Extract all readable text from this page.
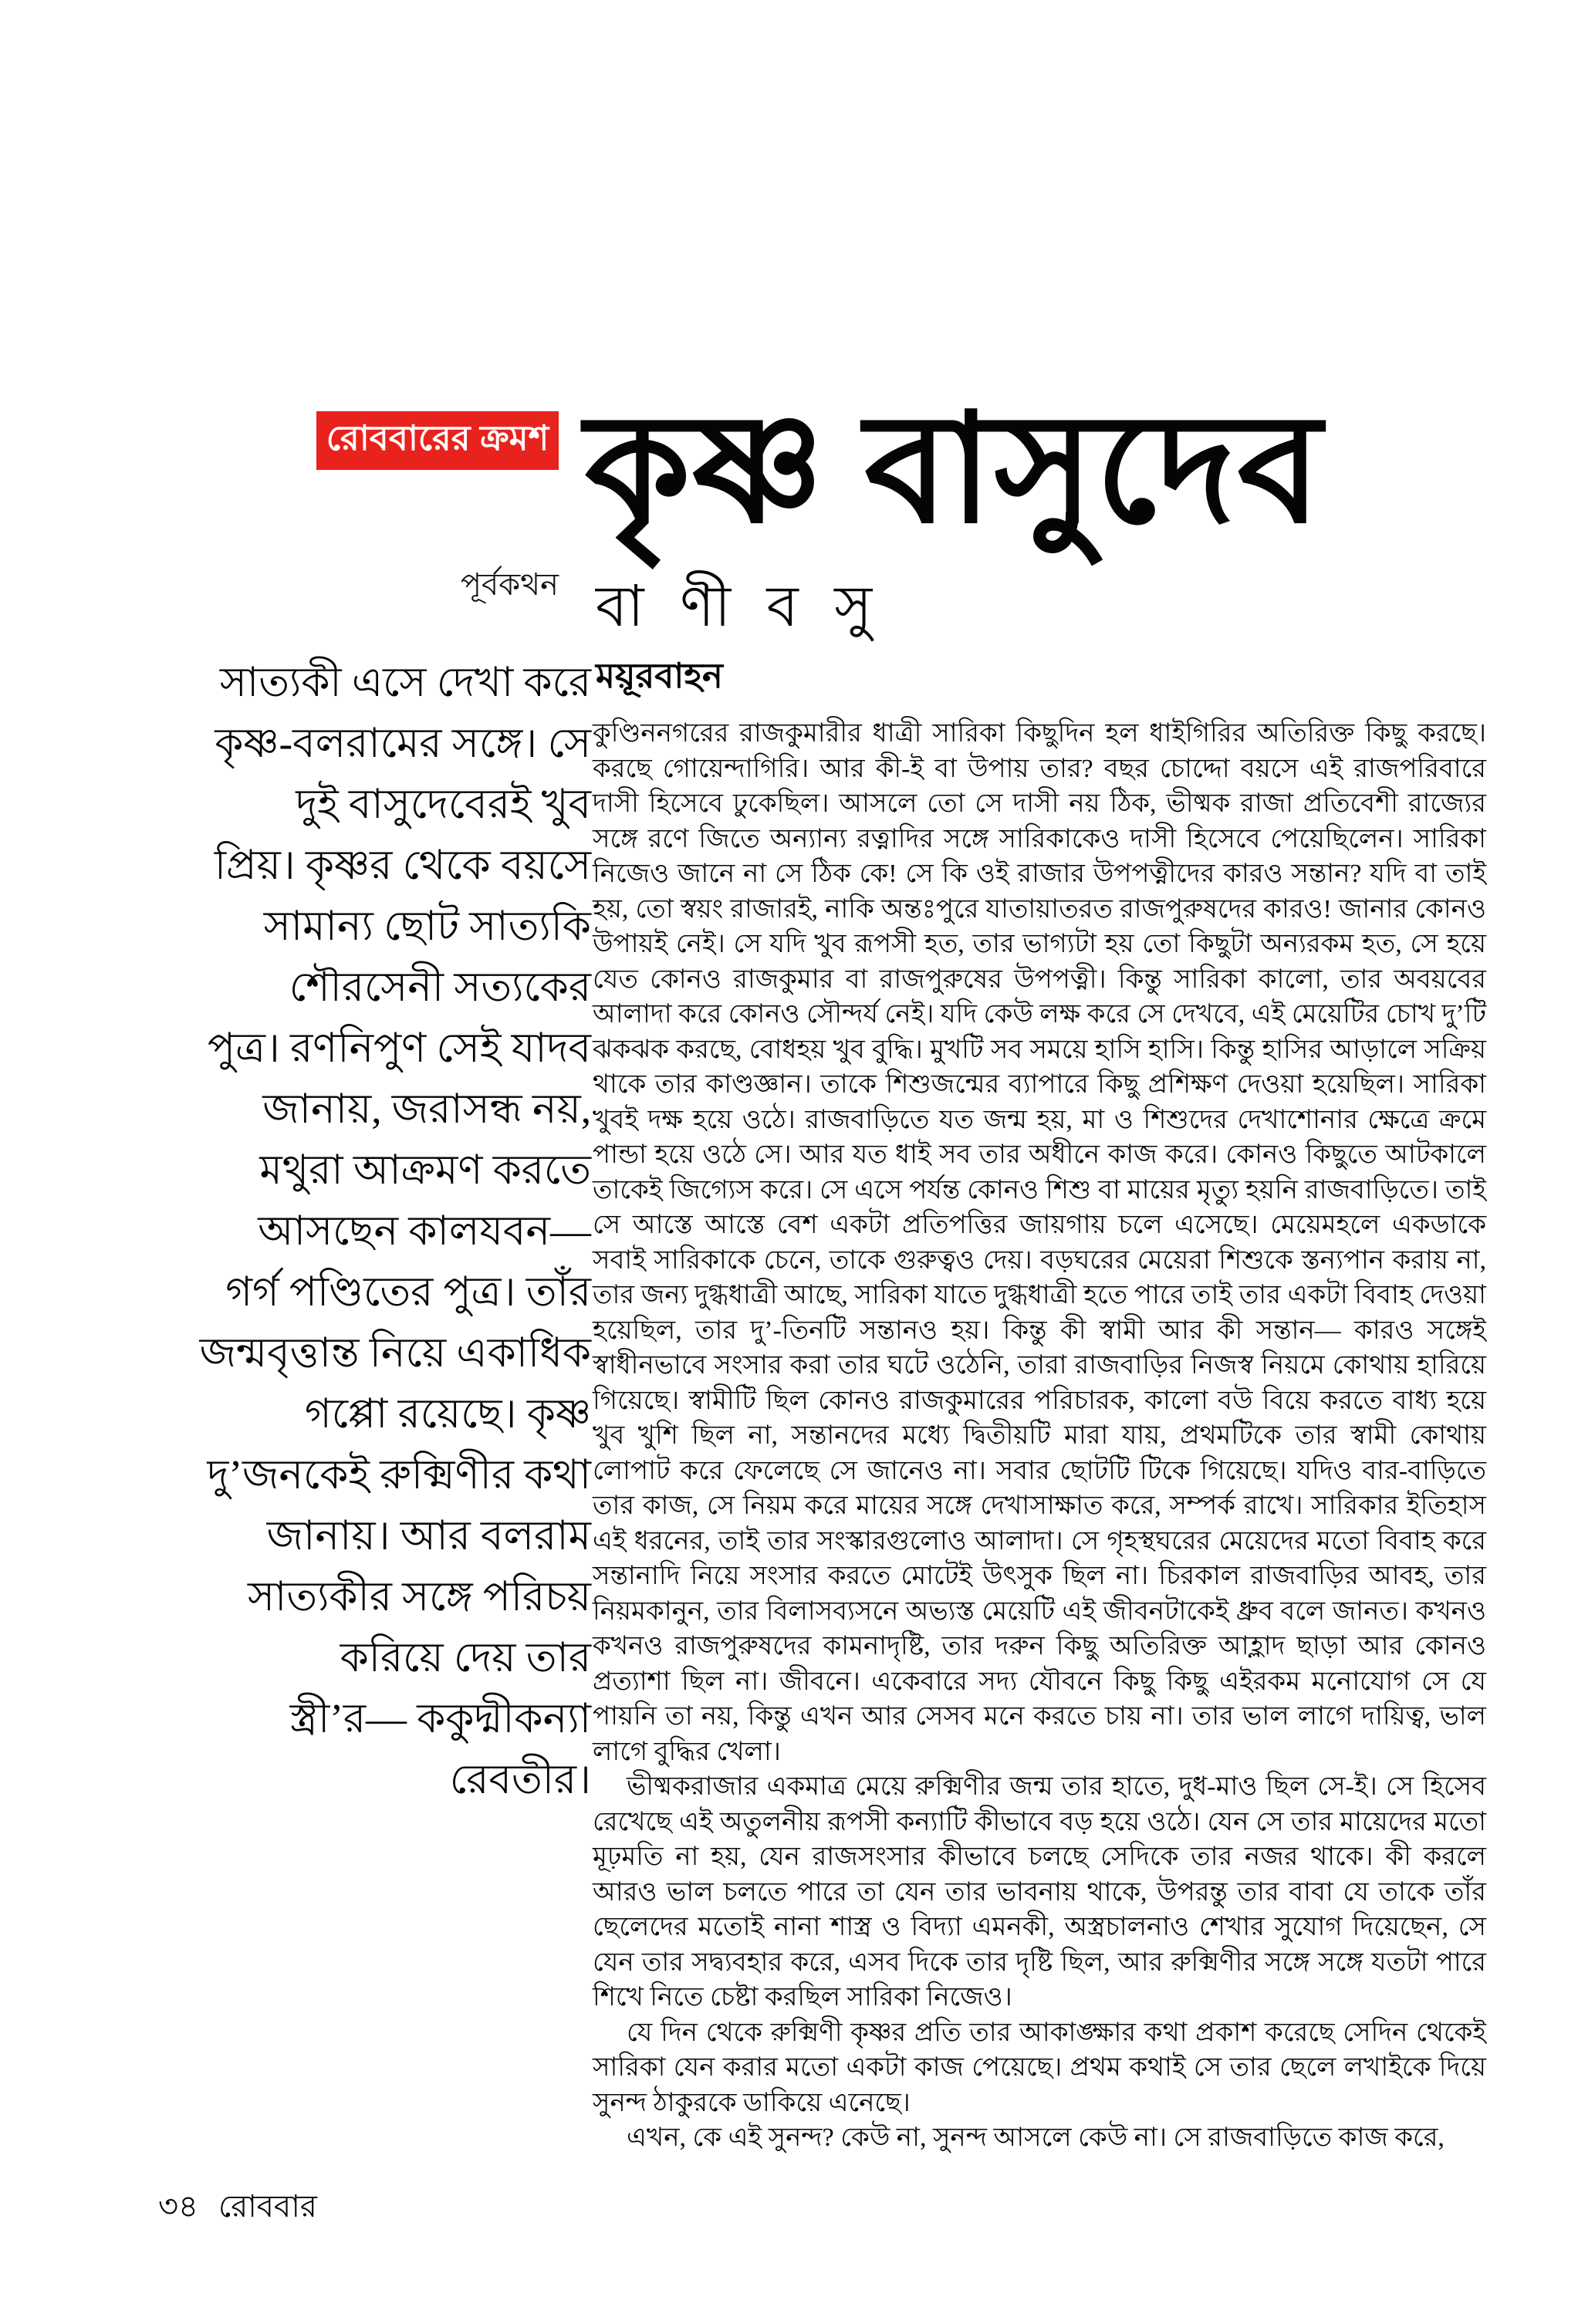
রোববারের ক্রমশ কৃষ্ণ বাসুদেব
পূর্বকথন বা ণী ব সু
ময়ূরবাহন
সাত্যকী এসে দেখা করে
কৃষ্ণ-বলরামের সঙ্গে। সে
দুই বাসুদেবেরই খুব
প্রিয়। কৃষ্ণর থেকে বয়সে
সামান্য ছোট সাত্যকি
শৌরসেনী সত্যকের
পুত্র। রণনিপুণ সেই যাদব
জানায়, জরাসন্ধ নয়,
মথুরা আক্রমণ করতে
আসছেন কালযবন—
গর্গ পণ্ডিতের পুত্র। তাঁর
জন্মবৃত্তান্ত নিয়ে একাধিক
গপ্পো রয়েছে। কৃষ্ণ
দু’জনকেই রুক্মিণীর কথা
জানায়। আর বলরাম
সাত্যকীর সঙ্গে পরিচয়
করিয়ে দেয় তার
স্ত্রী’র— ককুদ্মীকন্যা
রেবতীর।

কুণ্ডিননগরের রাজকুমারীর ধাত্রী সারিকা কিছুদিন হল ধাইগিরির অতিরিক্ত কিছু করছে। করছে গোয়েন্দাগিরি। আর কী-ই বা উপায় তার? বছর চোদ্দো বয়সে এই রাজপরিবারে দাসী হিসেবে ঢুকেছিল। আসলে তো সে দাসী নয় ঠিক, ভীষ্মক রাজা প্রতিবেশী রাজ্যের সঙ্গে রণে জিতে অন্যান্য রত্নাদির সঙ্গে সারিকাকেও দাসী হিসেবে পেয়েছিলেন। সারিকা নিজেও জানে না সে ঠিক কে! সে কি ওই রাজার উপপত্নীদের কারও সন্তান? যদি বা তাই হয়, তো স্বয়ং রাজারই, নাকি অন্তঃপুরে যাতায়াতরত রাজপুরুষদের কারও! জানার কোনও উপায়ই নেই। সে যদি খুব রূপসী হত, তার ভাগ্যটা হয় তো কিছুটা অন্যরকম হত, সে হয়ে যেত কোনও রাজকুমার বা রাজপুরুষের উপপত্নী। কিন্তু সারিকা কালো, তার অবয়বের আলাদা করে কোনও সৌন্দর্য নেই। যদি কেউ লক্ষ করে সে দেখবে, এই মেয়েটির চোখ দু’টি ঝকঝক করছে, বোধহয় খুব বুদ্ধি। মুখটি সব সময়ে হাসি হাসি। কিন্তু হাসির আড়ালে সক্রিয় থাকে তার কাণ্ডজ্ঞান। তাকে শিশুজন্মের ব্যাপারে কিছু প্রশিক্ষণ দেওয়া হয়েছিল। সারিকা খুবই দক্ষ হয়ে ওঠে। রাজবাড়িতে যত জন্ম হয়, মা ও শিশুদের দেখাশোনার ক্ষেত্রে ক্রমে পান্ডা হয়ে ওঠে সে। আর যত ধাই সব তার অধীনে কাজ করে। কোনও কিছুতে আটকালে তাকেই জিগ্যেস করে। সে এসে পর্যন্ত কোনও শিশু বা মায়ের মৃত্যু হয়নি রাজবাড়িতে। তাই সে আস্তে আস্তে বেশ একটা প্রতিপত্তির জায়গায় চলে এসেছে। মেয়েমহলে একডাকে সবাই সারিকাকে চেনে, তাকে গুরুত্বও দেয়। বড়ঘরের মেয়েরা শিশুকে স্তন্যপান করায় না, তার জন্য দুগ্ধধাত্রী আছে, সারিকা যাতে দুগ্ধধাত্রী হতে পারে তাই তার একটা বিবাহ দেওয়া হয়েছিল, তার দু’-তিনটি সন্তানও হয়। কিন্তু কী স্বামী আর কী সন্তান— কারও সঙ্গেই স্বাধীনভাবে সংসার করা তার ঘটে ওঠেনি, তারা রাজবাড়ির নিজস্ব নিয়মে কোথায় হারিয়ে গিয়েছে। স্বামীটি ছিল কোনও রাজকুমারের পরিচারক, কালো বউ বিয়ে করতে বাধ্য হয়ে খুব খুশি ছিল না, সন্তানদের মধ্যে দ্বিতীয়টি মারা যায়, প্রথমটিকে তার স্বামী কোথায় লোপাট করে ফেলেছে সে জানেও না। সবার ছোটটি টিকে গিয়েছে। যদিও বার-বাড়িতে তার কাজ, সে নিয়ম করে মায়ের সঙ্গে দেখাসাক্ষাত করে, সম্পর্ক রাখে। সারিকার ইতিহাস এই ধরনের, তাই তার সংস্কারগুলোও আলাদা। সে গৃহস্থঘরের মেয়েদের মতো বিবাহ করে সন্তানাদি নিয়ে সংসার করতে মোটেই উৎসুক ছিল না। চিরকাল রাজবাড়ির আবহ, তার নিয়মকানুন, তার বিলাসব্যসনে অভ্যস্ত মেয়েটি এই জীবনটাকেই ধ্রুব বলে জানত। কখনও কখনও রাজপুরুষদের কামনাদৃষ্টি, তার দরুন কিছু অতিরিক্ত আহ্লাদ ছাড়া আর কোনও প্রত্যাশা ছিল না। জীবনে। একেবারে সদ্য যৌবনে কিছু কিছু এইরকম মনোযোগ সে যে পায়নি তা নয়, কিন্তু এখন আর সেসব মনে করতে চায় না। তার ভাল লাগে দায়িত্ব, ভাল লাগে বুদ্ধির খেলা।

ভীষ্মকরাজার একমাত্র মেয়ে রুক্মিণীর জন্ম তার হাতে, দুধ-মাও ছিল সে-ই। সে হিসেব রেখেছে এই অতুলনীয় রূপসী কন্যাটি কীভাবে বড় হয়ে ওঠে। যেন সে তার মায়েদের মতো মূঢ়মতি না হয়, যেন রাজসংসার কীভাবে চলছে সেদিকে তার নজর থাকে। কী করলে আরও ভাল চলতে পারে তা যেন তার ভাবনায় থাকে, উপরন্তু তার বাবা যে তাকে তাঁর ছেলেদের মতোই নানা শাস্ত্র ও বিদ্যা এমনকী, অস্ত্রচালনাও শেখার সুযোগ দিয়েছেন, সে যেন তার সদ্ব্যবহার করে, এসব দিকে তার দৃষ্টি ছিল, আর রুক্মিণীর সঙ্গে সঙ্গে যতটা পারে শিখে নিতে চেষ্টা করছিল সারিকা নিজেও।

যে দিন থেকে রুক্মিণী কৃষ্ণর প্রতি তার আকাঙ্ক্ষার কথা প্রকাশ করেছে সেদিন থেকেই সারিকা যেন করার মতো একটা কাজ পেয়েছে। প্রথম কথাই সে তার ছেলে লখাইকে দিয়ে সুনন্দ ঠাকুরকে ডাকিয়ে এনেছে।

এখন, কে এই সুনন্দ? কেউ না, সুনন্দ আসলে কেউ না। সে রাজবাড়িতে কাজ করে,

৩৪ রোববার
